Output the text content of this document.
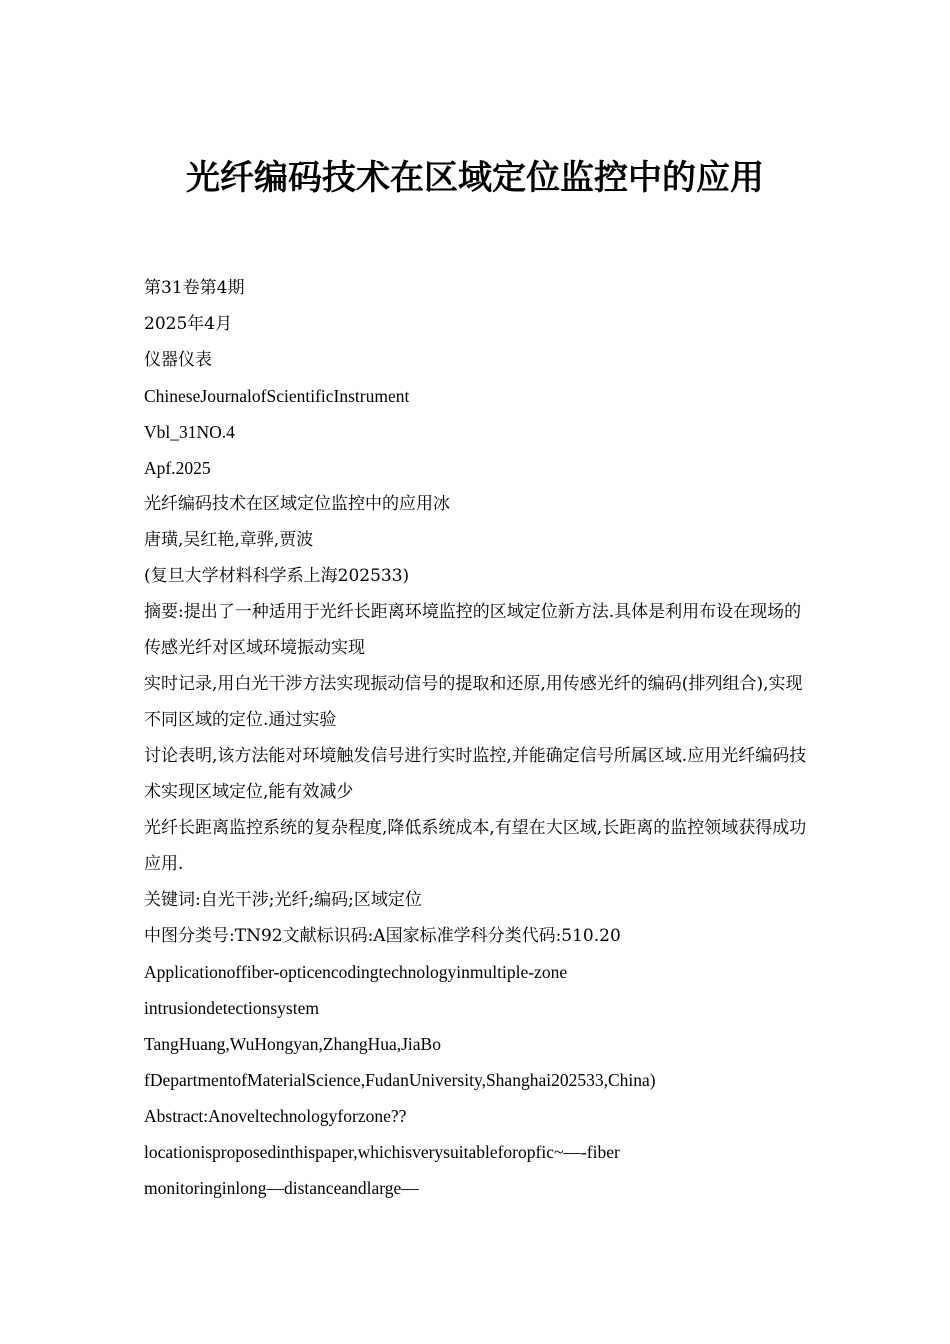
光纤编码技术在区域定位监控中的应用
第31卷第4期
2025年4月
仪器仪表
ChineseJournalofScientificInstrument
Vbl_31NO.4
Apf.2025
光纤编码技术在区域定位监控中的应用冰
唐璜,吴红艳,章骅,贾波
(复旦大学材料科学系上海202533)
摘要:提出了一种适用于光纤长距离环境监控的区域定位新方法.具体是利用布设在现场的传感光纤对区域环境振动实现
实时记录,用白光干涉方法实现振动信号的提取和还原,用传感光纤的编码(排列组合),实现不同区域的定位.通过实验
讨论表明,该方法能对环境触发信号进行实时监控,并能确定信号所属区域.应用光纤编码技术实现区域定位,能有效减少
光纤长距离监控系统的复杂程度,降低系统成本,有望在大区域,长距离的监控领域获得成功应用.
关键词:自光干涉;光纤;编码;区域定位
中图分类号:TN92文献标识码:A国家标准学科分类代码:510.20
Applicationoffiber-opticencodingtechnologyinmultiple-zone
intrusiondetectionsystem
TangHuang,WuHongyan,ZhangHua,JiaBo
fDepartmentofMaterialScience,FudanUniversity,Shanghai202533,China)
Abstract:Anoveltechnologyforzone??
locationisproposedinthispaper,whichisverysuitableforopfic~—-fiber
monitoringinlong—distanceandlarge—
